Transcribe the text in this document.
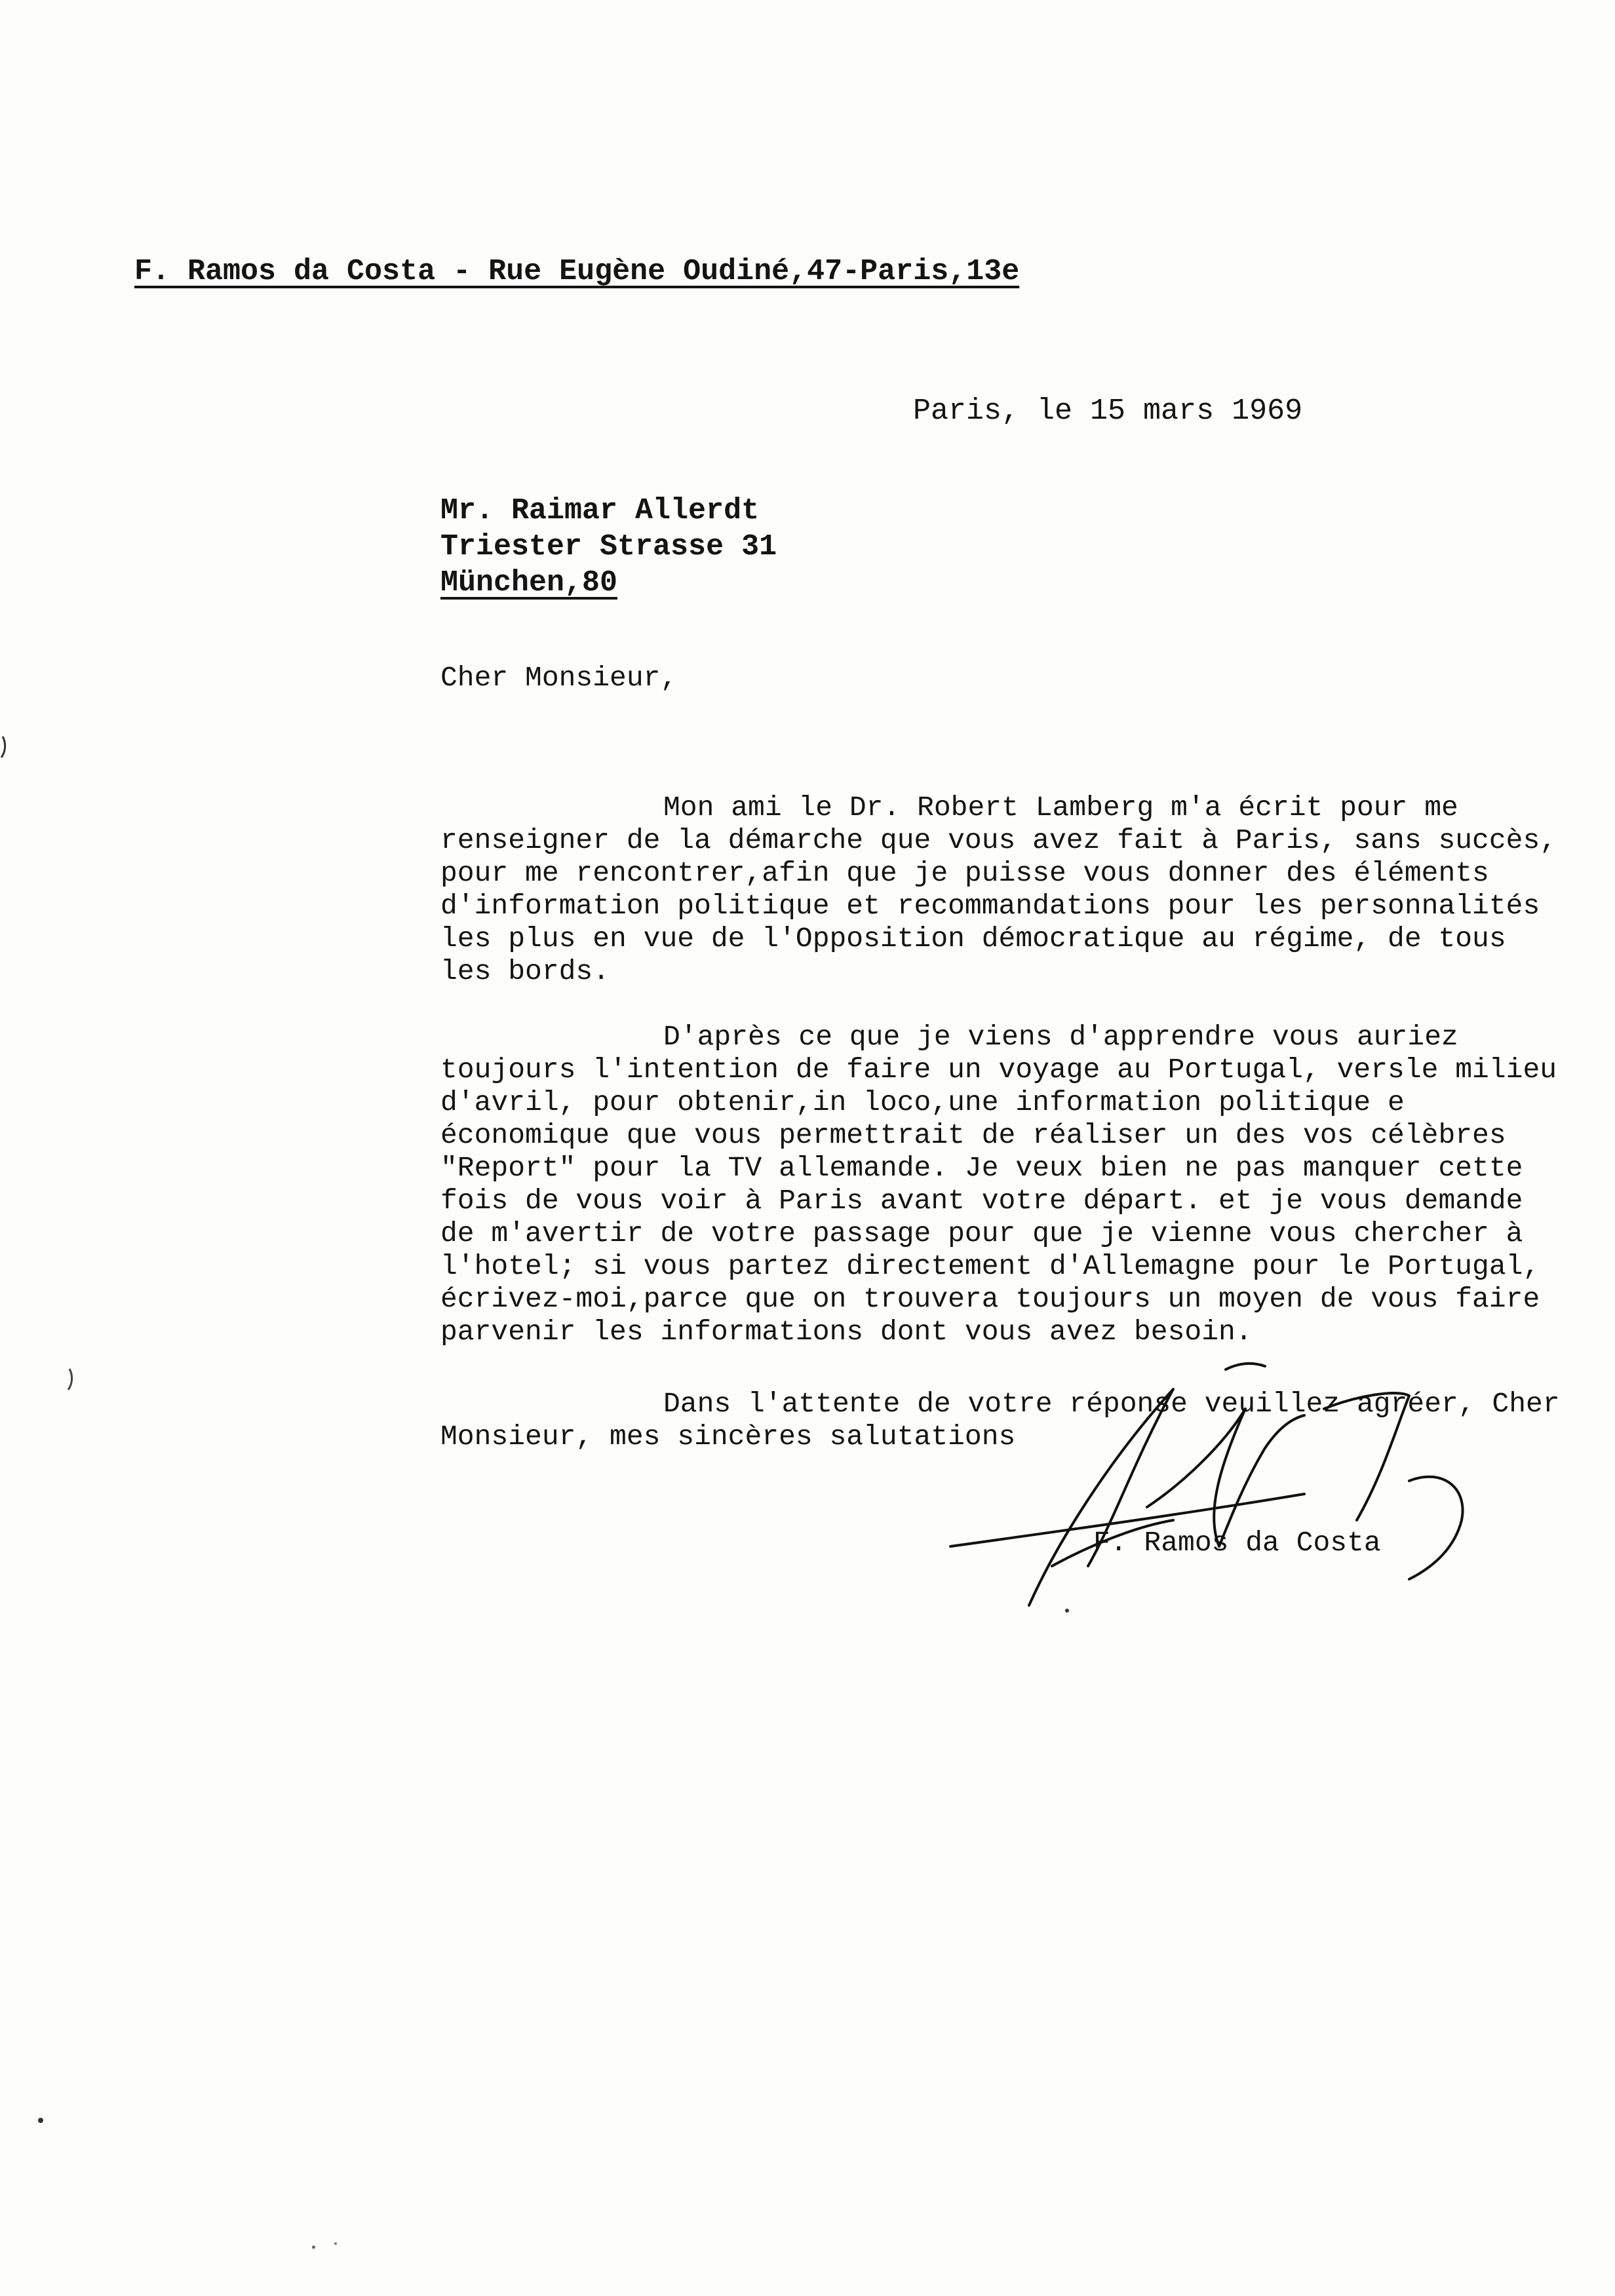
F. Ramos da Costa - Rue Eugène Oudiné,47-Paris,13e
Paris, le 15 mars 1969
Mr. Raimar Allerdt
Triester Strasse 31
München,80
Cher Monsieur,

Mon ami le Dr. Robert Lamberg m'a écrit pour me renseigner de la démarche que vous avez fait à Paris, sans succès, pour me rencontrer,afin que je puisse vous donner des éléments d'information politique et recommandations pour les personnalités les plus en vue de l'Opposition démocratique au régime, de tous les bords.

D'après ce que je viens d'apprendre vous auriez toujours l'intention de faire un voyage au Portugal, versle milieu d'avril, pour obtenir,in loco,une information politique e économique que vous permettrait de réaliser un des vos célèbres "Report" pour la TV allemande. Je veux bien ne pas manquer cette fois de vous voir à Paris avant votre départ. et je vous demande de m'avertir de votre passage pour que je vienne vous chercher à l'hotel; si vous partez directement d'Allemagne pour le Portugal, écrivez-moi,parce que on trouvera toujours un moyen de vous faire parvenir les informations dont vous avez besoin.

Dans l'attente de votre réponse veuillez agréer, Cher Monsieur, mes sincères salutations

F. Ramos da Costa
